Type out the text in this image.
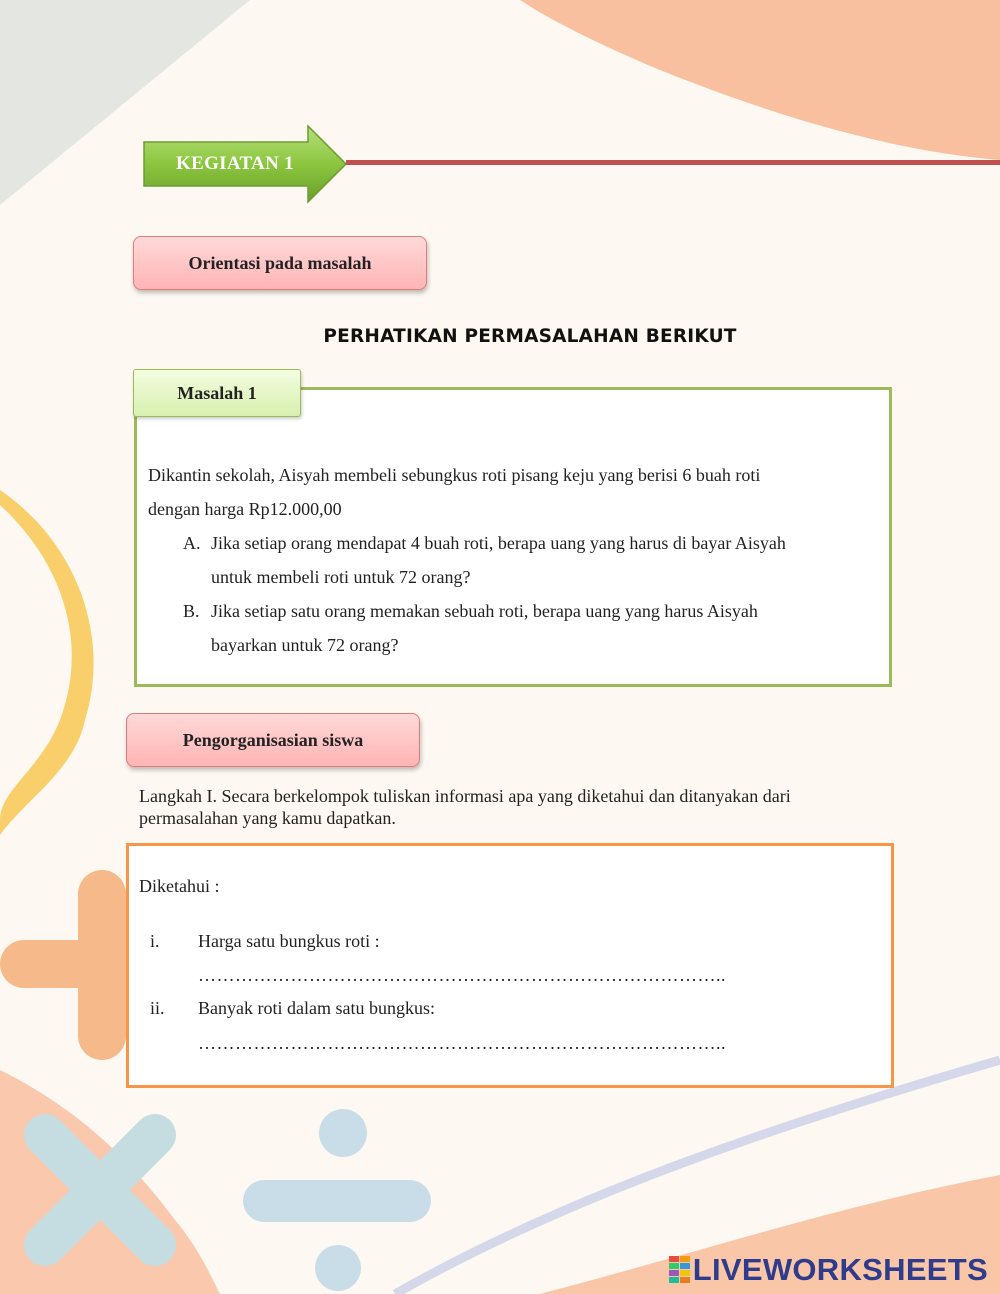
KEGIATAN 1
Orientasi pada masalah
PERHATIKAN PERMASALAHAN BERIKUT
Masalah 1
Dikantin sekolah, Aisyah membeli sebungkus roti pisang keju yang berisi 6 buah roti
dengan harga Rp12.000,00
A. Jika setiap orang mendapat 4 buah roti, berapa uang yang harus di bayar Aisyah
untuk membeli roti untuk 72 orang?
B. Jika setiap satu orang memakan sebuah roti, berapa uang yang harus Aisyah
bayarkan untuk 72 orang?
Pengorganisasian siswa
Langkah I. Secara berkelompok tuliskan informasi apa yang diketahui dan ditanyakan dari
permasalahan yang kamu dapatkan.
Diketahui :
i.	Harga satu bungkus roti :
…………………………………………………………………………..
ii.	Banyak roti dalam satu bungkus:
…………………………………………………………………………..
LIVEWORKSHEETS
